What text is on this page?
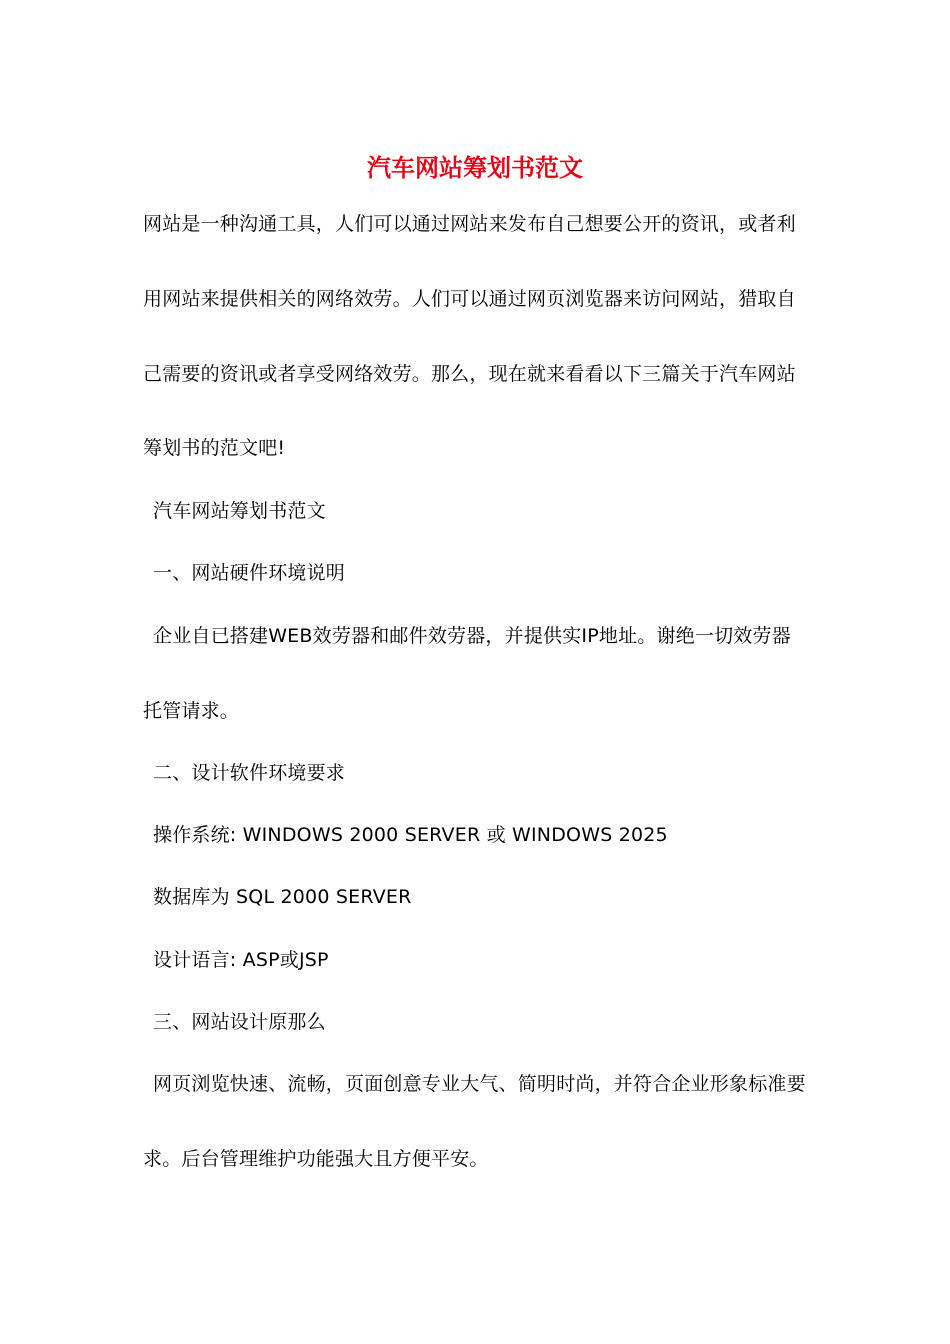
汽车网站筹划书范文
网站是一种沟通工具，人们可以通过网站来发布自己想要公开的资讯，或者利
用网站来提供相关的网络效劳。人们可以通过网页浏览器来访问网站，猎取自
己需要的资讯或者享受网络效劳。那么，现在就来看看以下三篇关于汽车网站
筹划书的范文吧!
汽车网站筹划书范文
一、网站硬件环境说明
企业自已搭建WEB效劳器和邮件效劳器，并提供实IP地址。谢绝一切效劳器
托管请求。
二、设计软件环境要求
操作系统: WINDOWS 2000 SERVER 或 WINDOWS 2025
数据库为 SQL 2000 SERVER
设计语言: ASP或JSP
三、网站设计原那么
网页浏览快速、流畅，页面创意专业大气、简明时尚，并符合企业形象标准要
求。后台管理维护功能强大且方便平安。
